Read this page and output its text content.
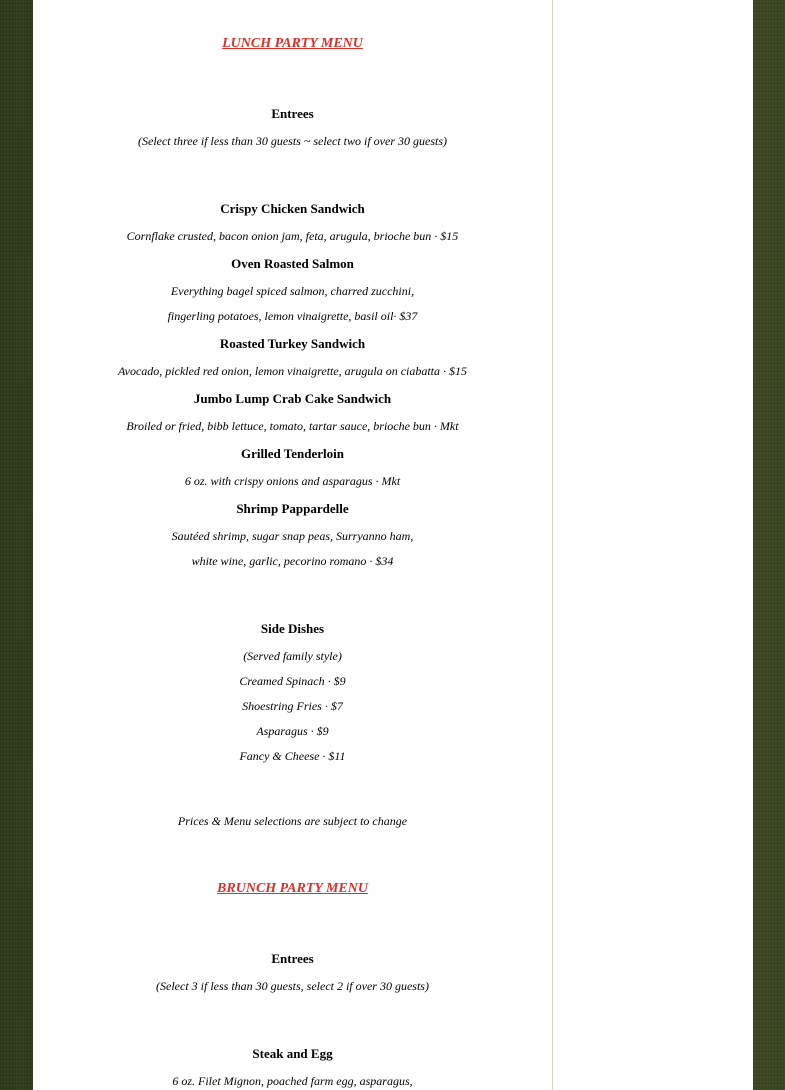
LUNCH PARTY MENU
Entrees
(Select three if less than 30 guests ~ select two if over 30 guests)
Crispy Chicken Sandwich
Cornflake crusted, bacon onion jam, feta, arugula, brioche bun · $15
Oven Roasted Salmon
Everything bagel spiced salmon, charred zucchini,
fingerling potatoes, lemon vinaigrette, basil oil· $37
Roasted Turkey Sandwich
Avocado, pickled red onion, lemon vinaigrette, arugula on ciabatta · $15
Jumbo Lump Crab Cake Sandwich
Broiled or fried, bibb lettuce, tomato, tartar sauce, brioche bun · Mkt
Grilled Tenderloin
6 oz. with crispy onions and asparagus · Mkt
Shrimp Pappardelle
Sautéed shrimp, sugar snap peas, Surryanno ham,
white wine, garlic, pecorino romano · $34
Side Dishes
(Served family style)
Creamed Spinach · $9
Shoestring Fries · $7
Asparagus · $9
Fancy & Cheese · $11
Prices & Menu selections are subject to change
BRUNCH PARTY MENU
Entrees
(Select 3 if less than 30 guests, select 2 if over 30 guests)
Steak and Egg
6 oz. Filet Mignon, poached farm egg, asparagus,
